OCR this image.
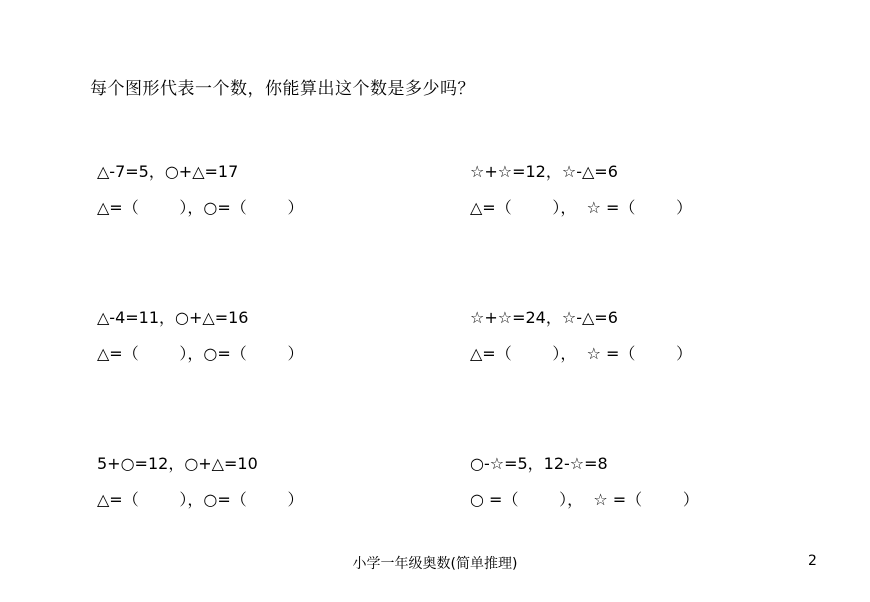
每个图形代表一个数，你能算出这个数是多少吗？
△-7=5，○+△=17
△=（        ），○=（        ）
☆+☆=12，☆-△=6
△=（        ），  ☆ =（        ）
△-4=11，○+△=16
△=（        ），○=（        ）
☆+☆=24，☆-△=6
△=（        ），  ☆ =（        ）
5+○=12，○+△=10
△=（        ），○=（        ）
○-☆=5，12-☆=8
○ =（        ），  ☆ =（        ）
小学一年级奥数(简单推理)	2
